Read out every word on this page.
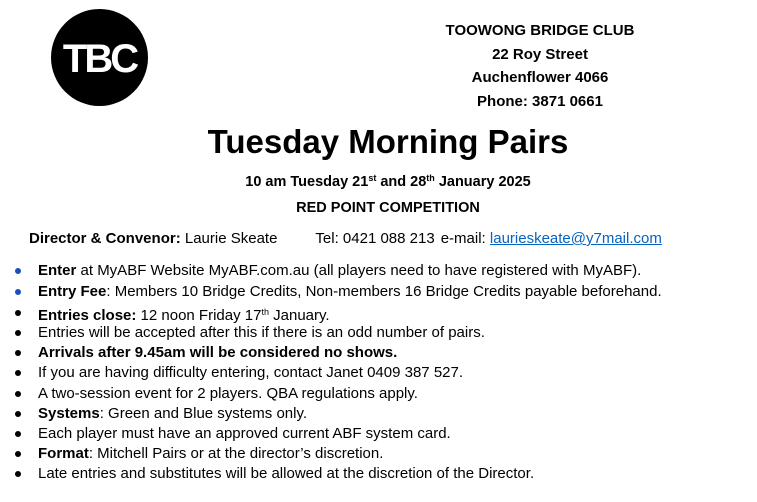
TBC
TOOWONG BRIDGE CLUB
22 Roy Street
Auchenflower 4066
Phone: 3871 0661
Tuesday Morning Pairs
10 am Tuesday 21st and 28th January 2025
RED POINT COMPETITION
Director & Convenor: Laurie Skeate	Tel: 0421 088 213 e-mail: laurieskeate@y7mail.com
Enter at MyABF Website MyABF.com.au (all players need to have registered with MyABF).
Entry Fee: Members 10 Bridge Credits, Non-members 16 Bridge Credits payable beforehand.
Entries close: 12 noon Friday 17th January.
Entries will be accepted after this if there is an odd number of pairs.
Arrivals after 9.45am will be considered no shows.
If you are having difficulty entering, contact Janet 0409 387 527.
A two-session event for 2 players. QBA regulations apply.
Systems: Green and Blue systems only.
Each player must have an approved current ABF system card.
Format: Mitchell Pairs or at the director’s discretion.
Late entries and substitutes will be allowed at the discretion of the Director.
